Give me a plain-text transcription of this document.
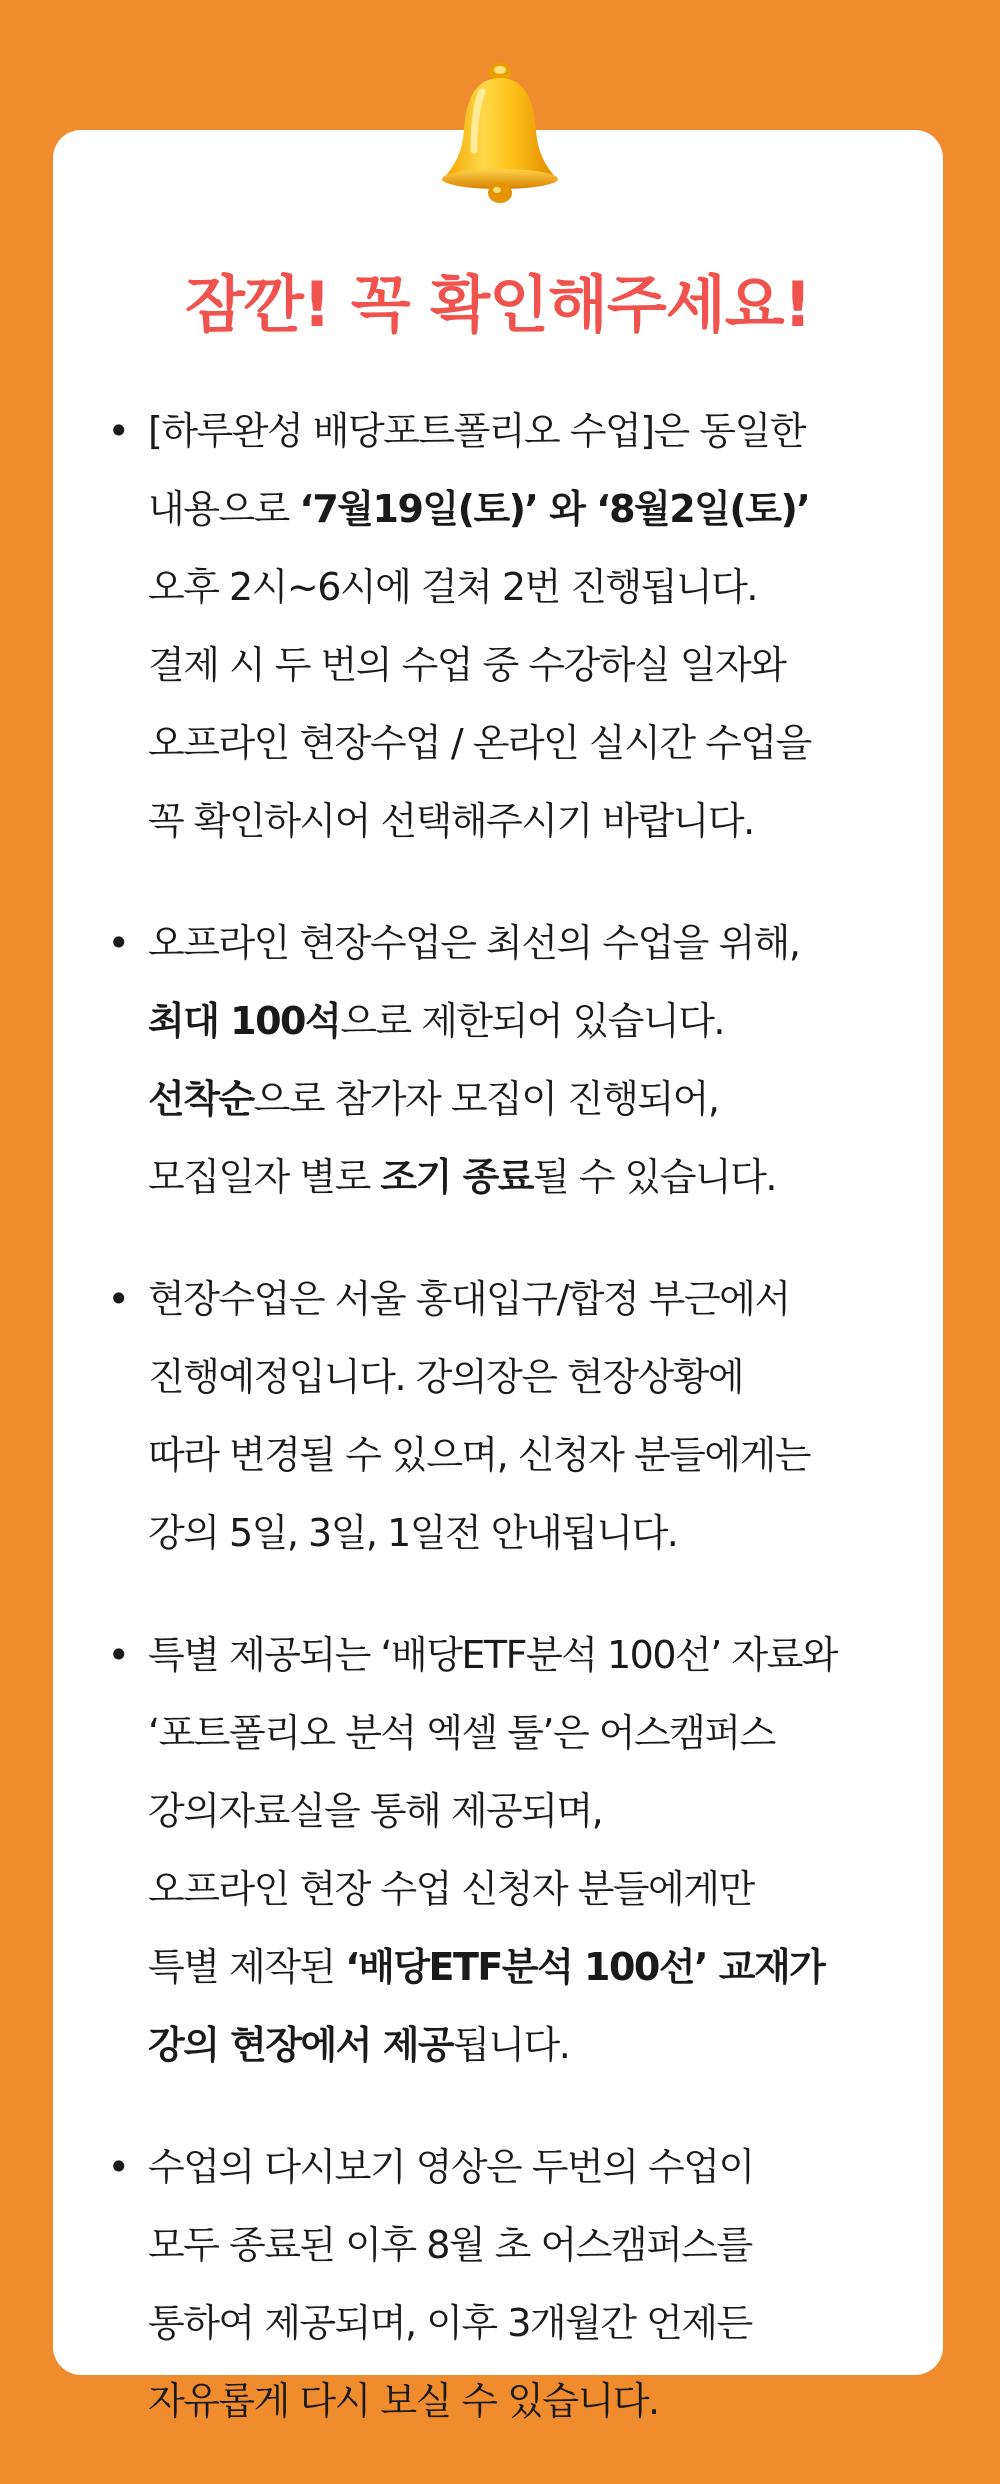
잠깐! 꼭 확인해주세요!
• [하루완성 배당포트폴리오 수업]은 동일한
내용으로 ‘7월19일(토)’ 와 ‘8월2일(토)’
오후 2시~6시에 걸쳐 2번 진행됩니다.
결제 시 두 번의 수업 중 수강하실 일자와
오프라인 현장수업 / 온라인 실시간 수업을
꼭 확인하시어 선택해주시기 바랍니다.
• 오프라인 현장수업은 최선의 수업을 위해,
최대 100석으로 제한되어 있습니다.
선착순으로 참가자 모집이 진행되어,
모집일자 별로 조기 종료될 수 있습니다.
• 현장수업은 서울 홍대입구/합정 부근에서
진행예정입니다. 강의장은 현장상황에
따라 변경될 수 있으며, 신청자 분들에게는
강의 5일, 3일, 1일전 안내됩니다.
• 특별 제공되는 ‘배당ETF분석 100선’ 자료와
‘포트폴리오 분석 엑셀 툴’은 어스캠퍼스
강의자료실을 통해 제공되며,
오프라인 현장 수업 신청자 분들에게만
특별 제작된 ‘배당ETF분석 100선’ 교재가
강의 현장에서 제공됩니다.
• 수업의 다시보기 영상은 두번의 수업이
모두 종료된 이후 8월 초 어스캠퍼스를
통하여 제공되며, 이후 3개월간 언제든
자유롭게 다시 보실 수 있습니다.
